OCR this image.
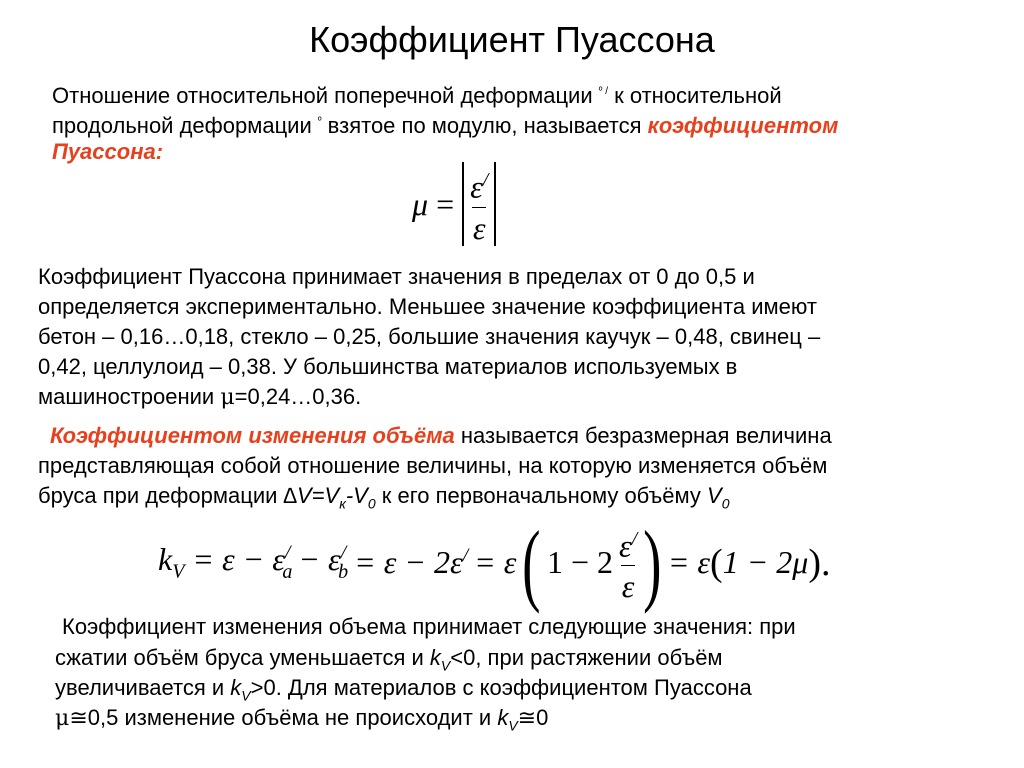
Коэффициент Пуассона
Отношение относительной поперечной деформации $^{º /}$ к относительной
продольной деформации $^º$ взятое по модулю, называется коэффициентом
Пуассона:
$\mu = \frac{\varepsilon^/}{\varepsilon}$
Коэффициент Пуассона принимает значения в пределах от 0 до 0,5 и
определяется экспериментально. Меньшее значение коэффициента имеют
бетон – 0,16…0,18, стекло – 0,25, большие значения каучук – 0,48, свинец –
0,42, целлулоид – 0,38. У большинства материалов используемых в
машиностроении μ=0,24…0,36.
Коэффициентом изменения объёма называется безразмерная величина
представляющая собой отношение величины, на которую изменяется объём
бруса при деформации $\Delta V=V_к-V_0$ к его первоначальному объёму $V_0$
$k_V = \varepsilon - \varepsilon^/_a - \varepsilon^/_b = \varepsilon - 2\varepsilon^/ = \varepsilon$ ( $1 - 2 \frac{\varepsilon^/}{\varepsilon}$ ) = ε ( 1 − 2μ ).
Коэффициент изменения объема принимает следующие значения: при
сжатии объём бруса уменьшается и $k_V<0$, при растяжении объём
увеличивается и $k_V>0$. Для материалов с коэффициентом Пуассона
μ≅0,5 изменение объёма не происходит и $k_V≅0$
